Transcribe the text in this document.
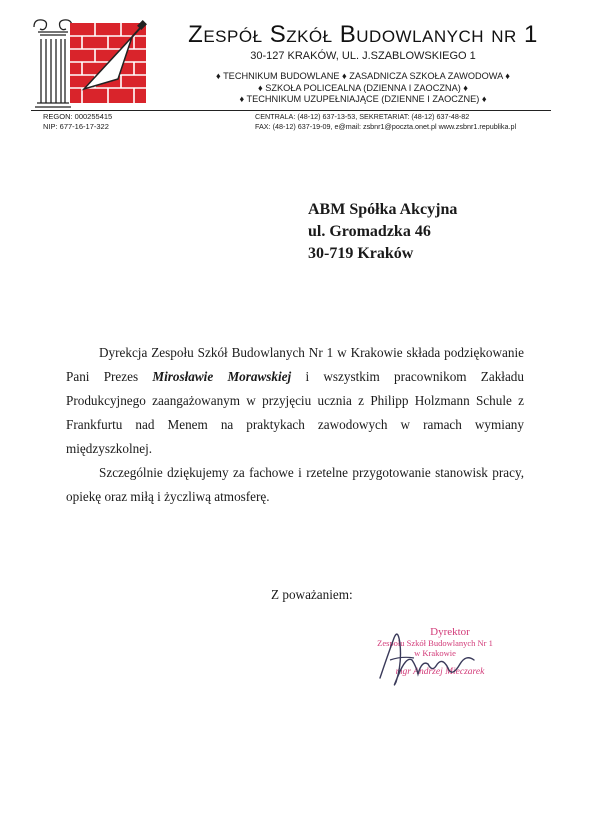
Zespół Szkół Budowlanych nr 1
30-127 KRAKÓW, UL. J.SZABLOWSKIEGO 1
♦ TECHNIKUM BUDOWLANE ♦ ZASADNICZA SZKOŁA ZAWODOWA ♦
♦ SZKOŁA POLICEALNA (DZIENNA I ZAOCZNA) ♦
♦ TECHNIKUM UZUPEŁNIAJĄCE (DZIENNE I ZAOCZNE) ♦
REGON: 000255415
NIP: 677-16-17-322
CENTRALA: (48-12) 637-13-53, SEKRETARIAT: (48-12) 637-48-82
FAX: (48-12) 637-19-09, e@mail: zsbnr1@poczta.onet.pl www.zsbnr1.republika.pl
ABM Spółka Akcyjna
ul. Gromadzka 46
30-719 Kraków

Dyrekcja Zespołu Szkół Budowlanych Nr 1 w Krakowie składa podziękowanie Pani Prezes Mirosławie Morawskiej i wszystkim pracownikom Zakładu Produkcyjnego zaangażowanym w przyjęciu ucznia z Philipp Holzmann Schule z Frankfurtu nad Menem na praktykach zawodowych w ramach wymiany międzyszkolnej.

Szczególnie dziękujemy za fachowe i rzetelne przygotowanie stanowisk pracy, opiekę oraz miłą i życzliwą atmosferę.

Z poważaniem:
Dyrektor
Zespołu Szkół Budowlanych Nr 1
w Krakowie
mgr Andrzej Mieczarek
